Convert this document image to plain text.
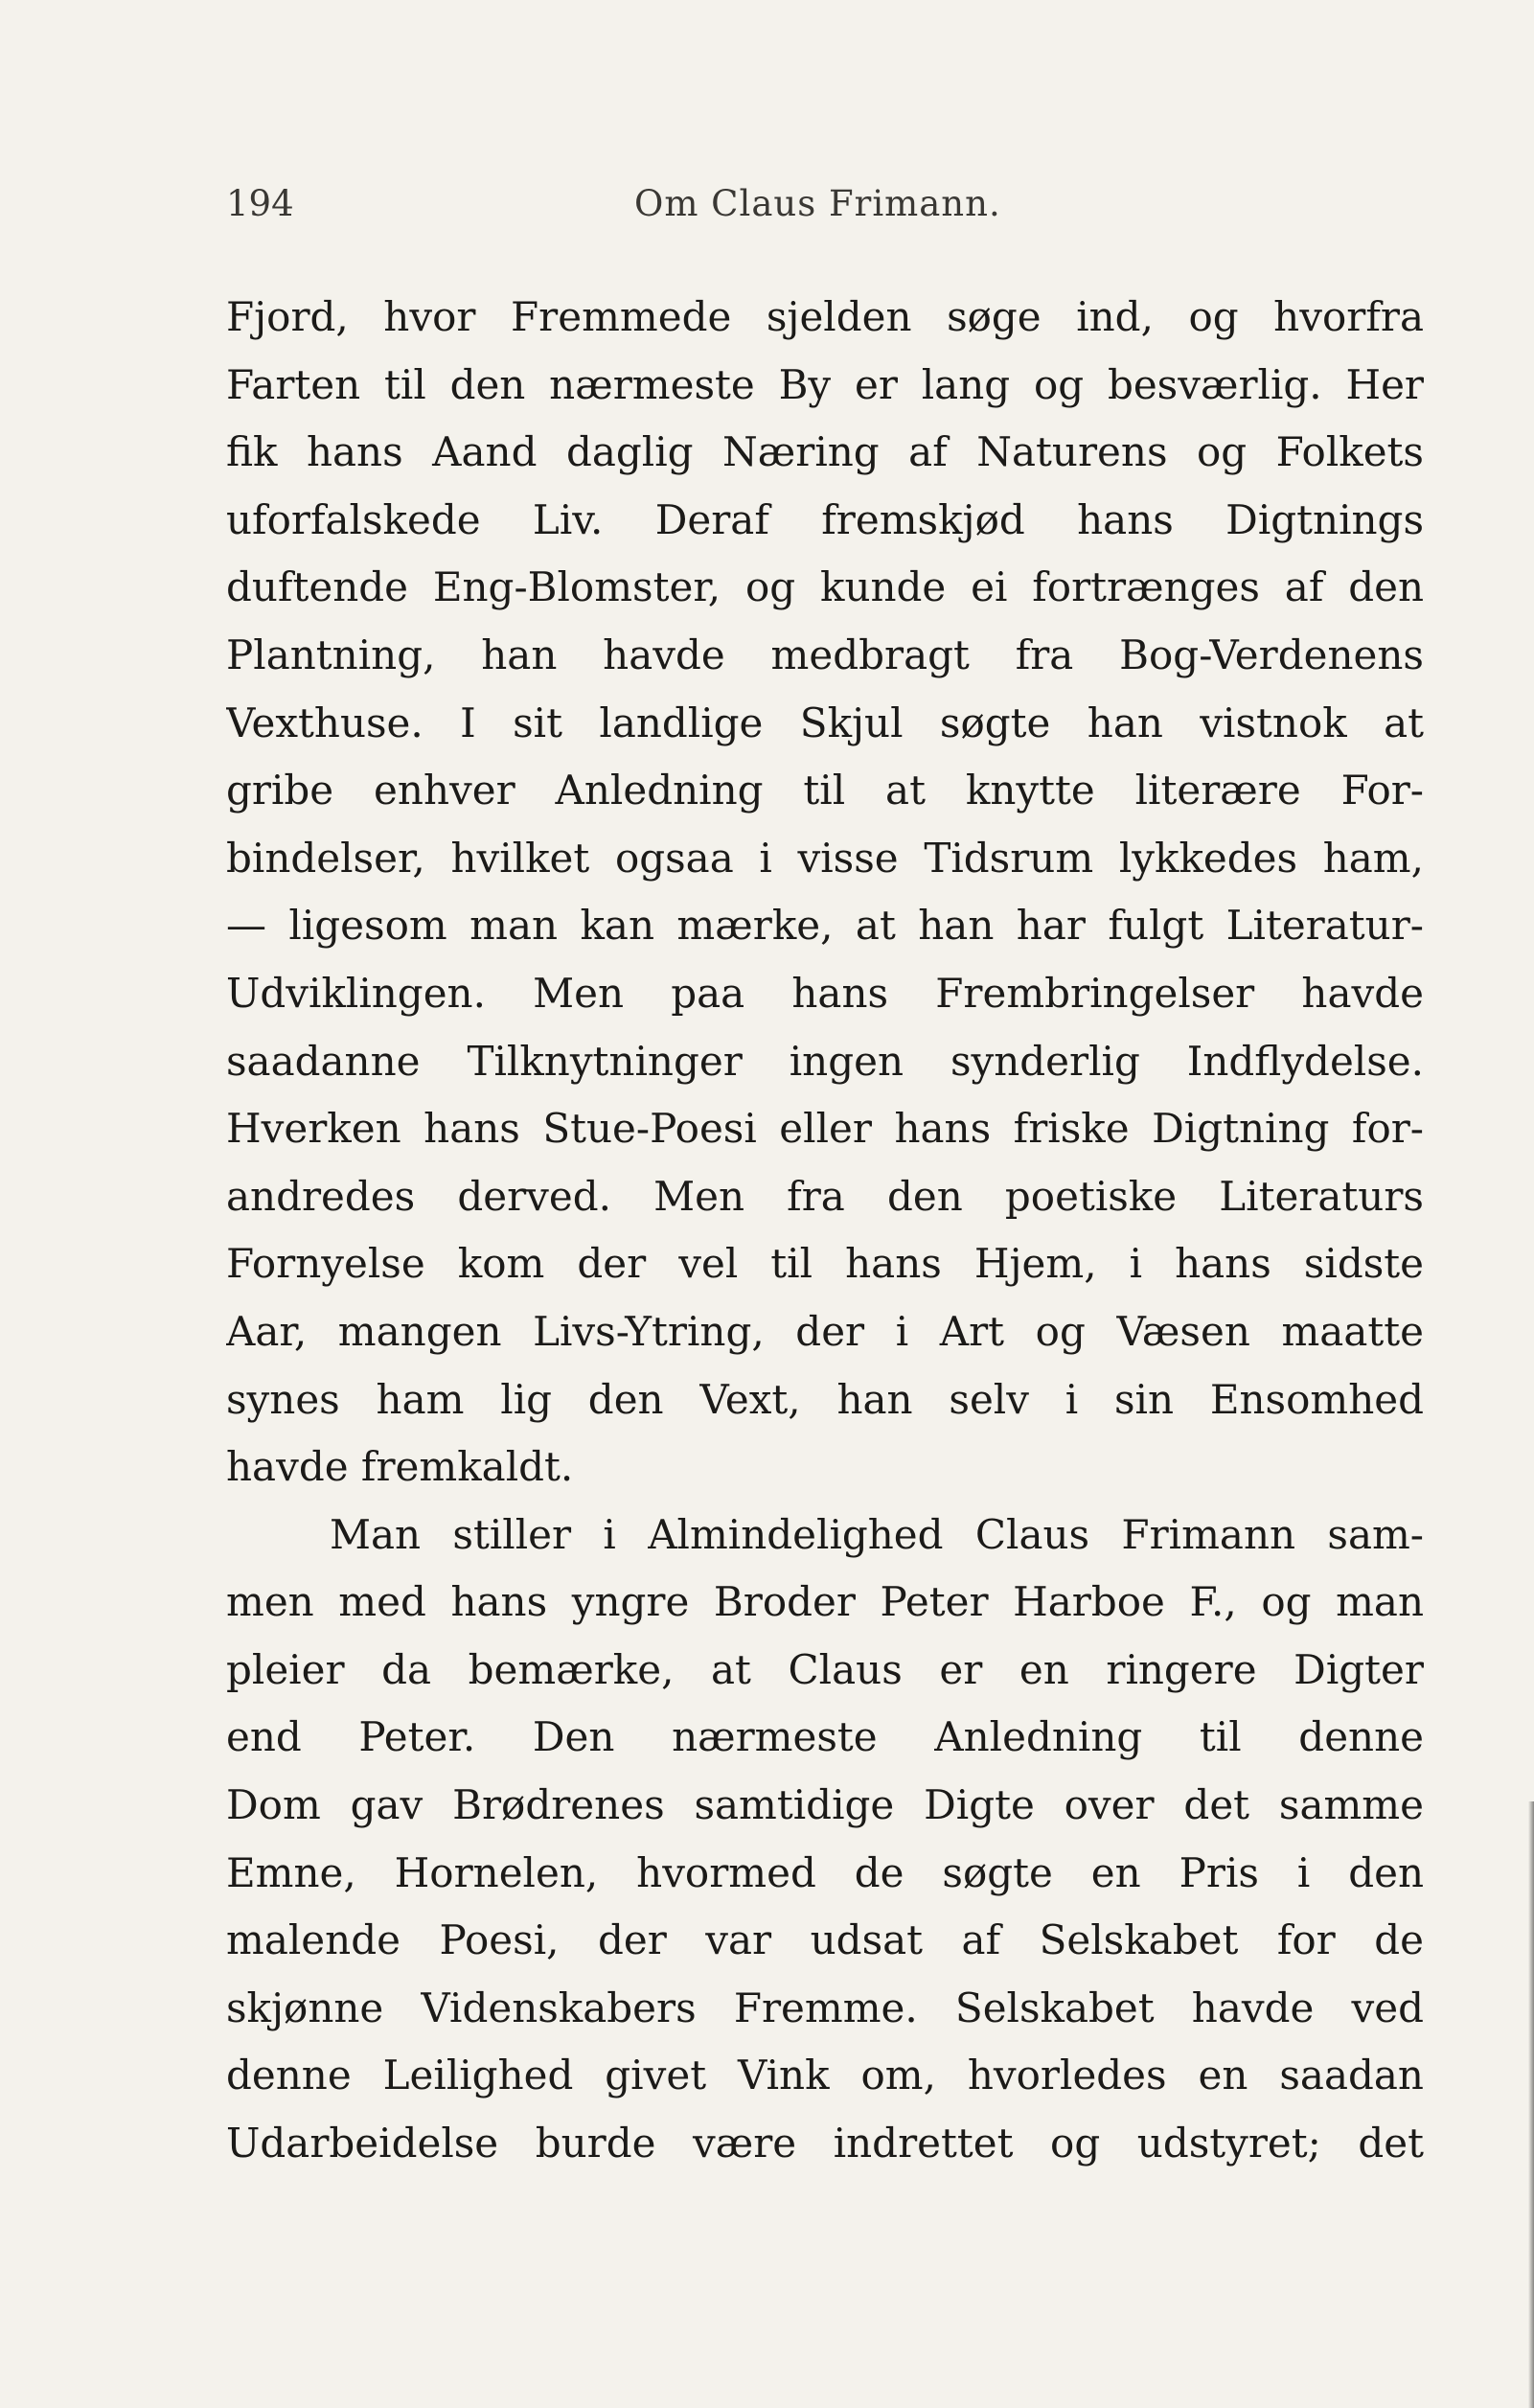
194	Om Claus Frimann.
Fjord, hvor Fremmede sjelden søge ind, og hvorfra
Farten til den nærmeste By er lang og besværlig. Her
fik hans Aand daglig Næring af Naturens og Folkets
uforfalskede Liv. Deraf fremskjød hans Digtnings
duftende Eng-Blomster, og kunde ei fortrænges af den
Plantning, han havde medbragt fra Bog-Verdenens
Vexthuse. I sit landlige Skjul søgte han vistnok at
gribe enhver Anledning til at knytte literære For-
bindelser, hvilket ogsaa i visse Tidsrum lykkedes ham,
— ligesom man kan mærke, at han har fulgt Literatur-
Udviklingen. Men paa hans Frembringelser havde
saadanne Tilknytninger ingen synderlig Indflydelse.
Hverken hans Stue-Poesi eller hans friske Digtning for-
andredes derved. Men fra den poetiske Literaturs
Fornyelse kom der vel til hans Hjem, i hans sidste
Aar, mangen Livs-Ytring, der i Art og Væsen maatte
synes ham lig den Vext, han selv i sin Ensomhed
havde fremkaldt.
Man stiller i Almindelighed Claus Frimann sam-
men med hans yngre Broder Peter Harboe F., og man
pleier da bemærke, at Claus er en ringere Digter
end Peter. Den nærmeste Anledning til denne
Dom gav Brødrenes samtidige Digte over det samme
Emne, Hornelen, hvormed de søgte en Pris i den
malende Poesi, der var udsat af Selskabet for de
skjønne Videnskabers Fremme. Selskabet havde ved
denne Leilighed givet Vink om, hvorledes en saadan
Udarbeidelse burde være indrettet og udstyret; det
